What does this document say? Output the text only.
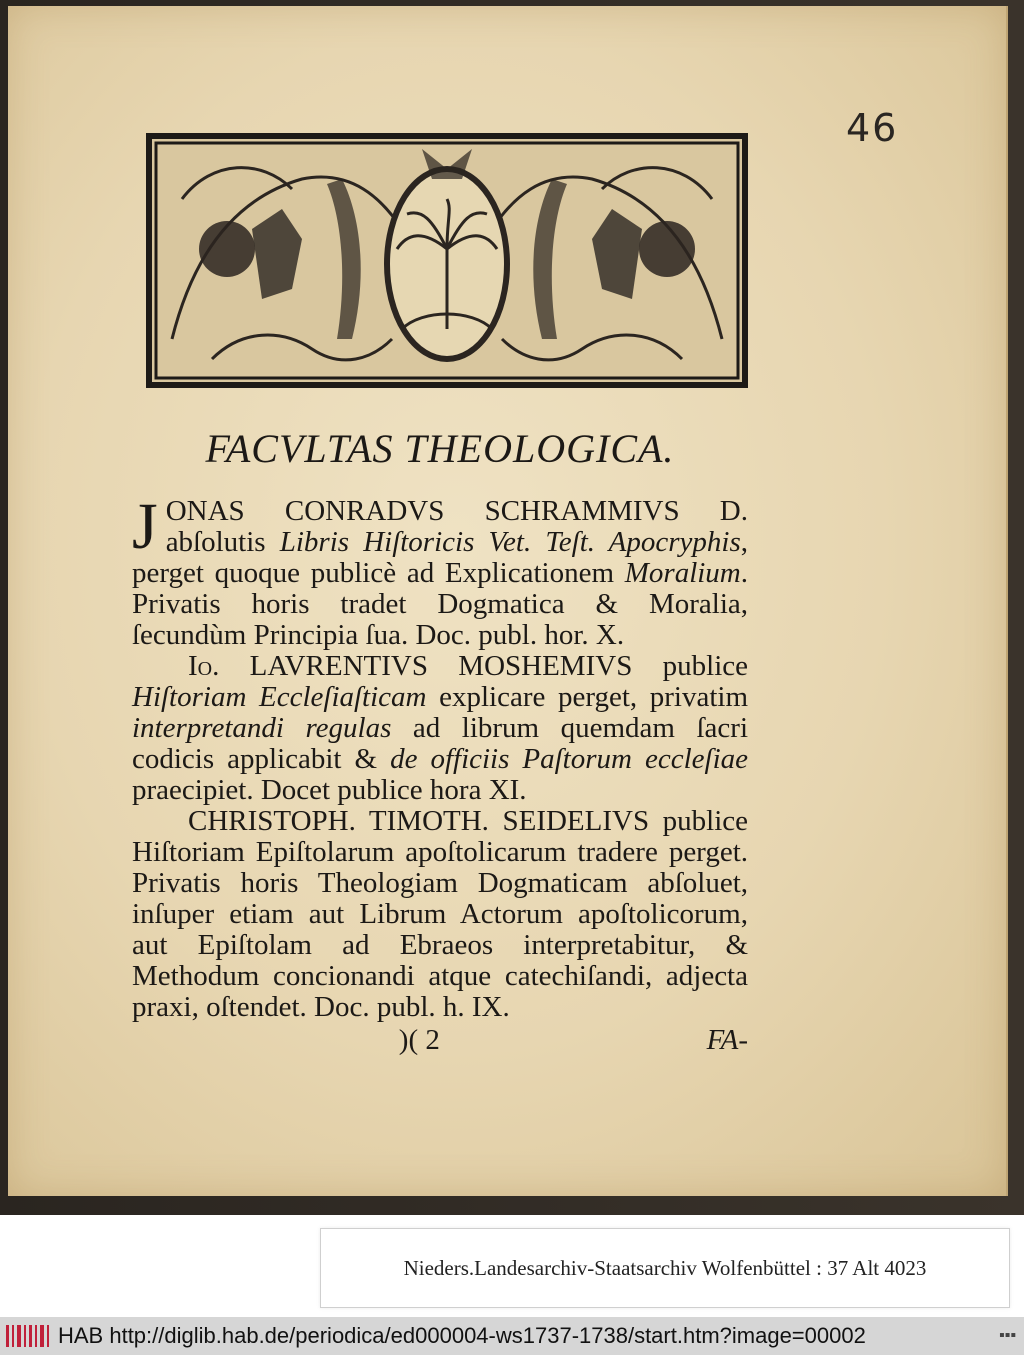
46
FACVLTAS THEOLOGICA.

JONAS CONRADVS SCHRAMMIVS D. abſolutis Libris Hiſtoricis Vet. Teſt. Apocryphis, perget quoque publicè ad Explicationem Moralium. Privatis horis tradet Dogmatica & Moralia, ſecundùm Principia ſua. Doc. publ. hor. X.

Io. LAVRENTIVS MOSHEMIVS publice Hiſtoriam Eccleſiaſticam explicare perget, privatim interpretandi regulas ad librum quemdam ſacri codicis applicabit & de officiis Paſtorum eccleſiae praecipiet. Docet publice hora XI.

CHRISTOPH. TIMOTH. SEIDELIVS publice Hiſtoriam Epiſtolarum apoſtolicarum tradere perget. Privatis horis Theologiam Dogmaticam abſoluet, inſuper etiam aut Librum Actorum apoſtolicorum, aut Epiſtolam ad Ebraeos interpretabitur, & Methodum concionandi atque catechiſandi, adjecta praxi, oſtendet. Doc. publ. h. IX.

)( 2	FA-
Nieders.Landesarchiv-Staatsarchiv Wolfenbüttel : 37 Alt 4023
HAB http://diglib.hab.de/periodica/ed000004-ws1737-1738/start.htm?image=00002	▪▪▪
